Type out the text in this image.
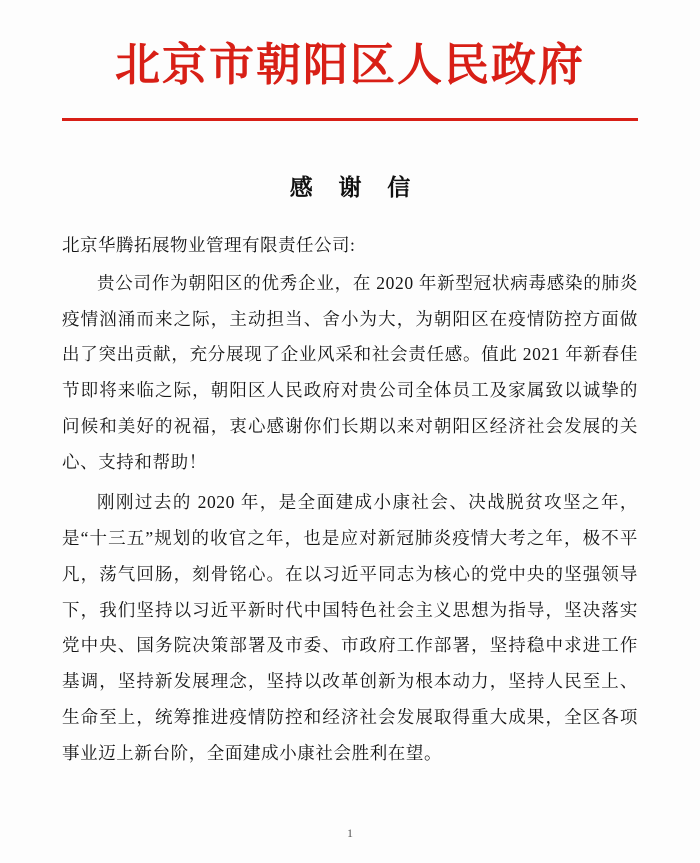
北京市朝阳区人民政府
感 谢 信
北京华腾拓展物业管理有限责任公司:

贵公司作为朝阳区的优秀企业，在 2020 年新型冠状病毒感染的肺炎疫情汹涌而来之际，主动担当、舍小为大，为朝阳区在疫情防控方面做出了突出贡献，充分展现了企业风采和社会责任感。值此 2021 年新春佳节即将来临之际，朝阳区人民政府对贵公司全体员工及家属致以诚挚的问候和美好的祝福，衷心感谢你们长期以来对朝阳区经济社会发展的关心、支持和帮助！

刚刚过去的 2020 年，是全面建成小康社会、决战脱贫攻坚之年，是“十三五”规划的收官之年，也是应对新冠肺炎疫情大考之年，极不平凡，荡气回肠，刻骨铭心。在以习近平同志为核心的党中央的坚强领导下，我们坚持以习近平新时代中国特色社会主义思想为指导，坚决落实党中央、国务院决策部署及市委、市政府工作部署，坚持稳中求进工作基调，坚持新发展理念，坚持以改革创新为根本动力，坚持人民至上、生命至上，统筹推进疫情防控和经济社会发展取得重大成果，全区各项事业迈上新台阶，全面建成小康社会胜利在望。

1
